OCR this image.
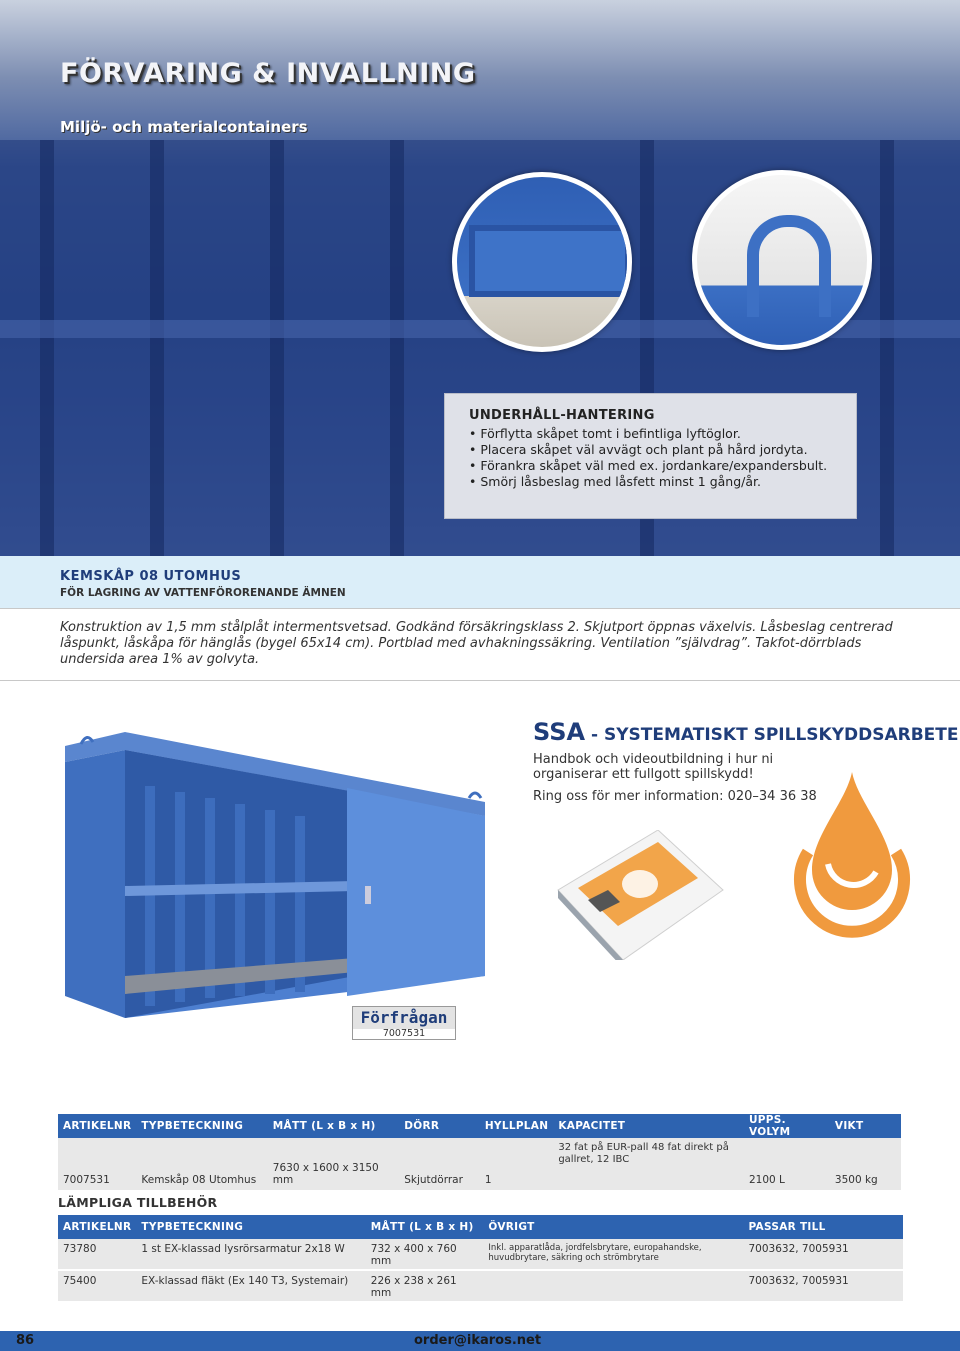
FÖRVARING & INVALLNING
Miljö- och materialcontainers
UNDERHÅLL-HANTERING
• Förflytta skåpet tomt i befintliga lyftöglor.
• Placera skåpet väl avvägt och plant på hård jordyta.
• Förankra skåpet väl med ex. jordankare/expandersbult.
• Smörj låsbeslag med låsfett minst 1 gång/år.

KEMSKÅP 08 UTOMHUS

FÖR LAGRING AV VATTENFÖRORENANDE ÄMNEN

Konstruktion av 1,5 mm stålplåt intermentsvetsad. Godkänd försäkringsklass 2. Skjutport öppnas växelvis. Låsbeslag centrerad låspunkt, låskåpa för hänglås (bygel 65x14 cm). Portblad med avhakningssäkring. Ventilation ”självdrag”. Takfot-dörrblads undersida area 1% av golvyta.

SSA - SYSTEMATISKT SPILLSKYDDSARBETE

Handbok och videoutbildning i hur ni organiserar ett fullgott spillskydd!

Ring oss för mer information: 020–34 36 38

Förfrågan
7007531
ARTIKELNR	TYPBETECKNING	MÅTT (L x B x H)	DÖRR	HYLLPLAN	KAPACITET	UPPS. VOLYM	VIKT
7007531	Kemskåp 08 Utomhus	7630 x 1600 x 3150 mm	Skjutdörrar	1	32 fat på EUR-pall 48 fat direkt på gallret, 12 IBC	2100 L	3500 kg

LÄMPLIGA TILLBEHÖR

ARTIKELNR	TYPBETECKNING	MÅTT (L x B x H)	ÖVRIGT	PASSAR TILL
73780	1 st EX-klassad lysrörsarmatur 2x18 W	732 x 400 x 760 mm	Inkl. apparatlåda, jordfelsbrytare, europahandske, huvudbrytare, säkring och strömbrytare	7003632, 7005931

75400	EX-klassad fläkt (Ex 140 T3, Systemair)	226 x 238 x 261 mm		7003632, 7005931
86	order@ikaros.net
